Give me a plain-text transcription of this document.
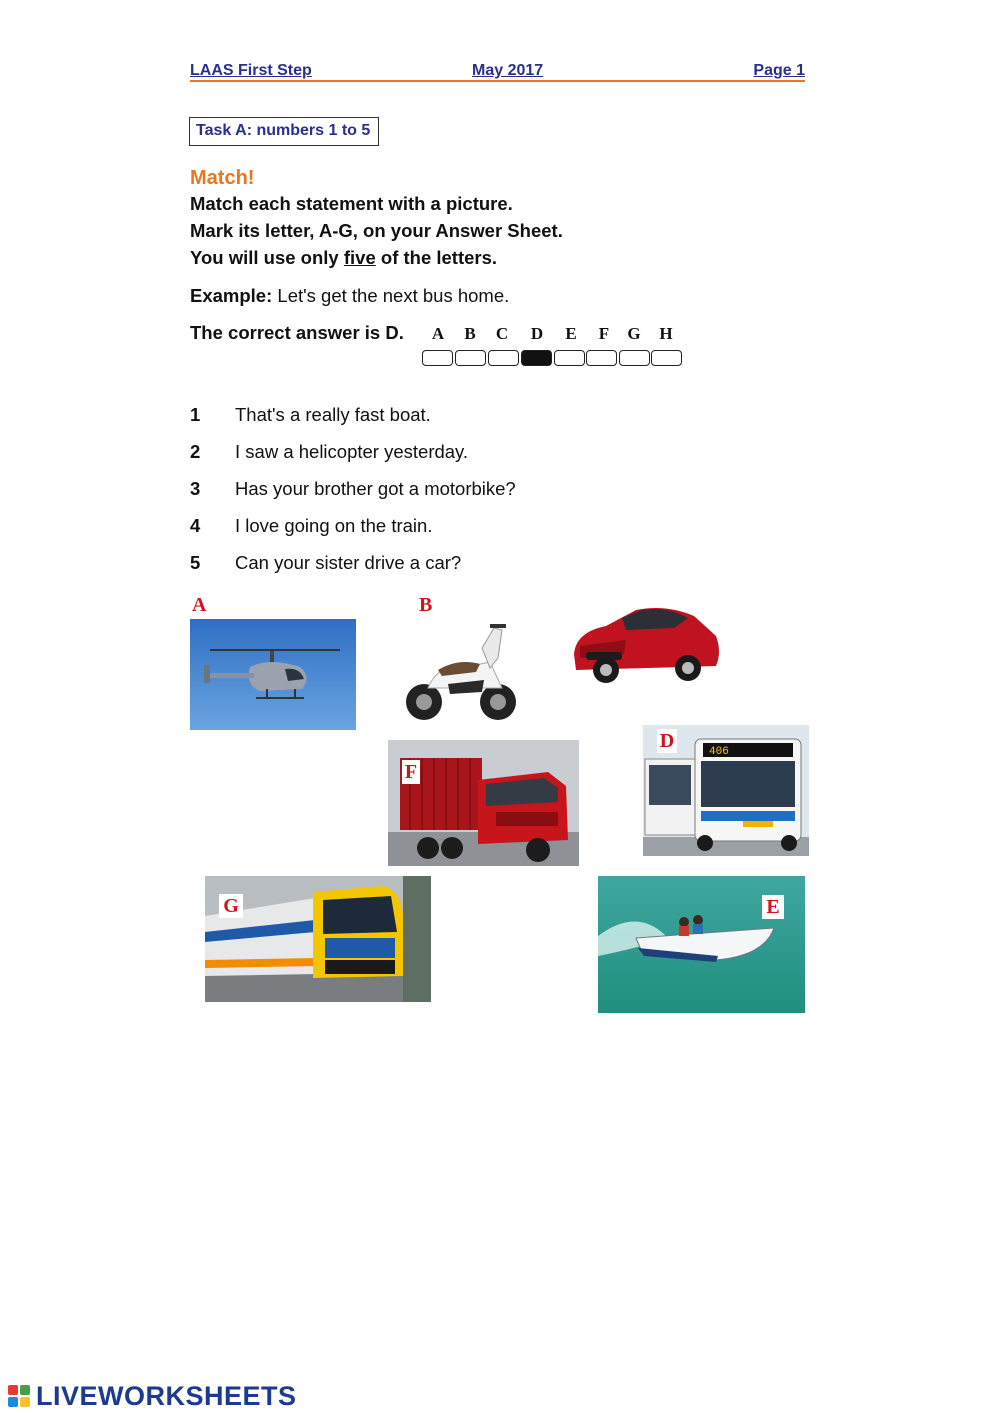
LAAS First Step	May 2017	Page 1
Task A: numbers 1 to 5
Match!
Match each statement with a picture.
Mark its letter, A-G, on your Answer Sheet.
You will use only five of the letters.
Example: Let's get the next bus home.
The correct answer is D.	A	B	C	D	E	F	G	H
1 That's a really fast boat.
2 I saw a helicopter yesterday.
3 Has your brother got a motorbike?
4 I love going on the train.
5 Can your sister drive a car?
A	B
F
406
D
G	E
LIVEWORKSHEETS
